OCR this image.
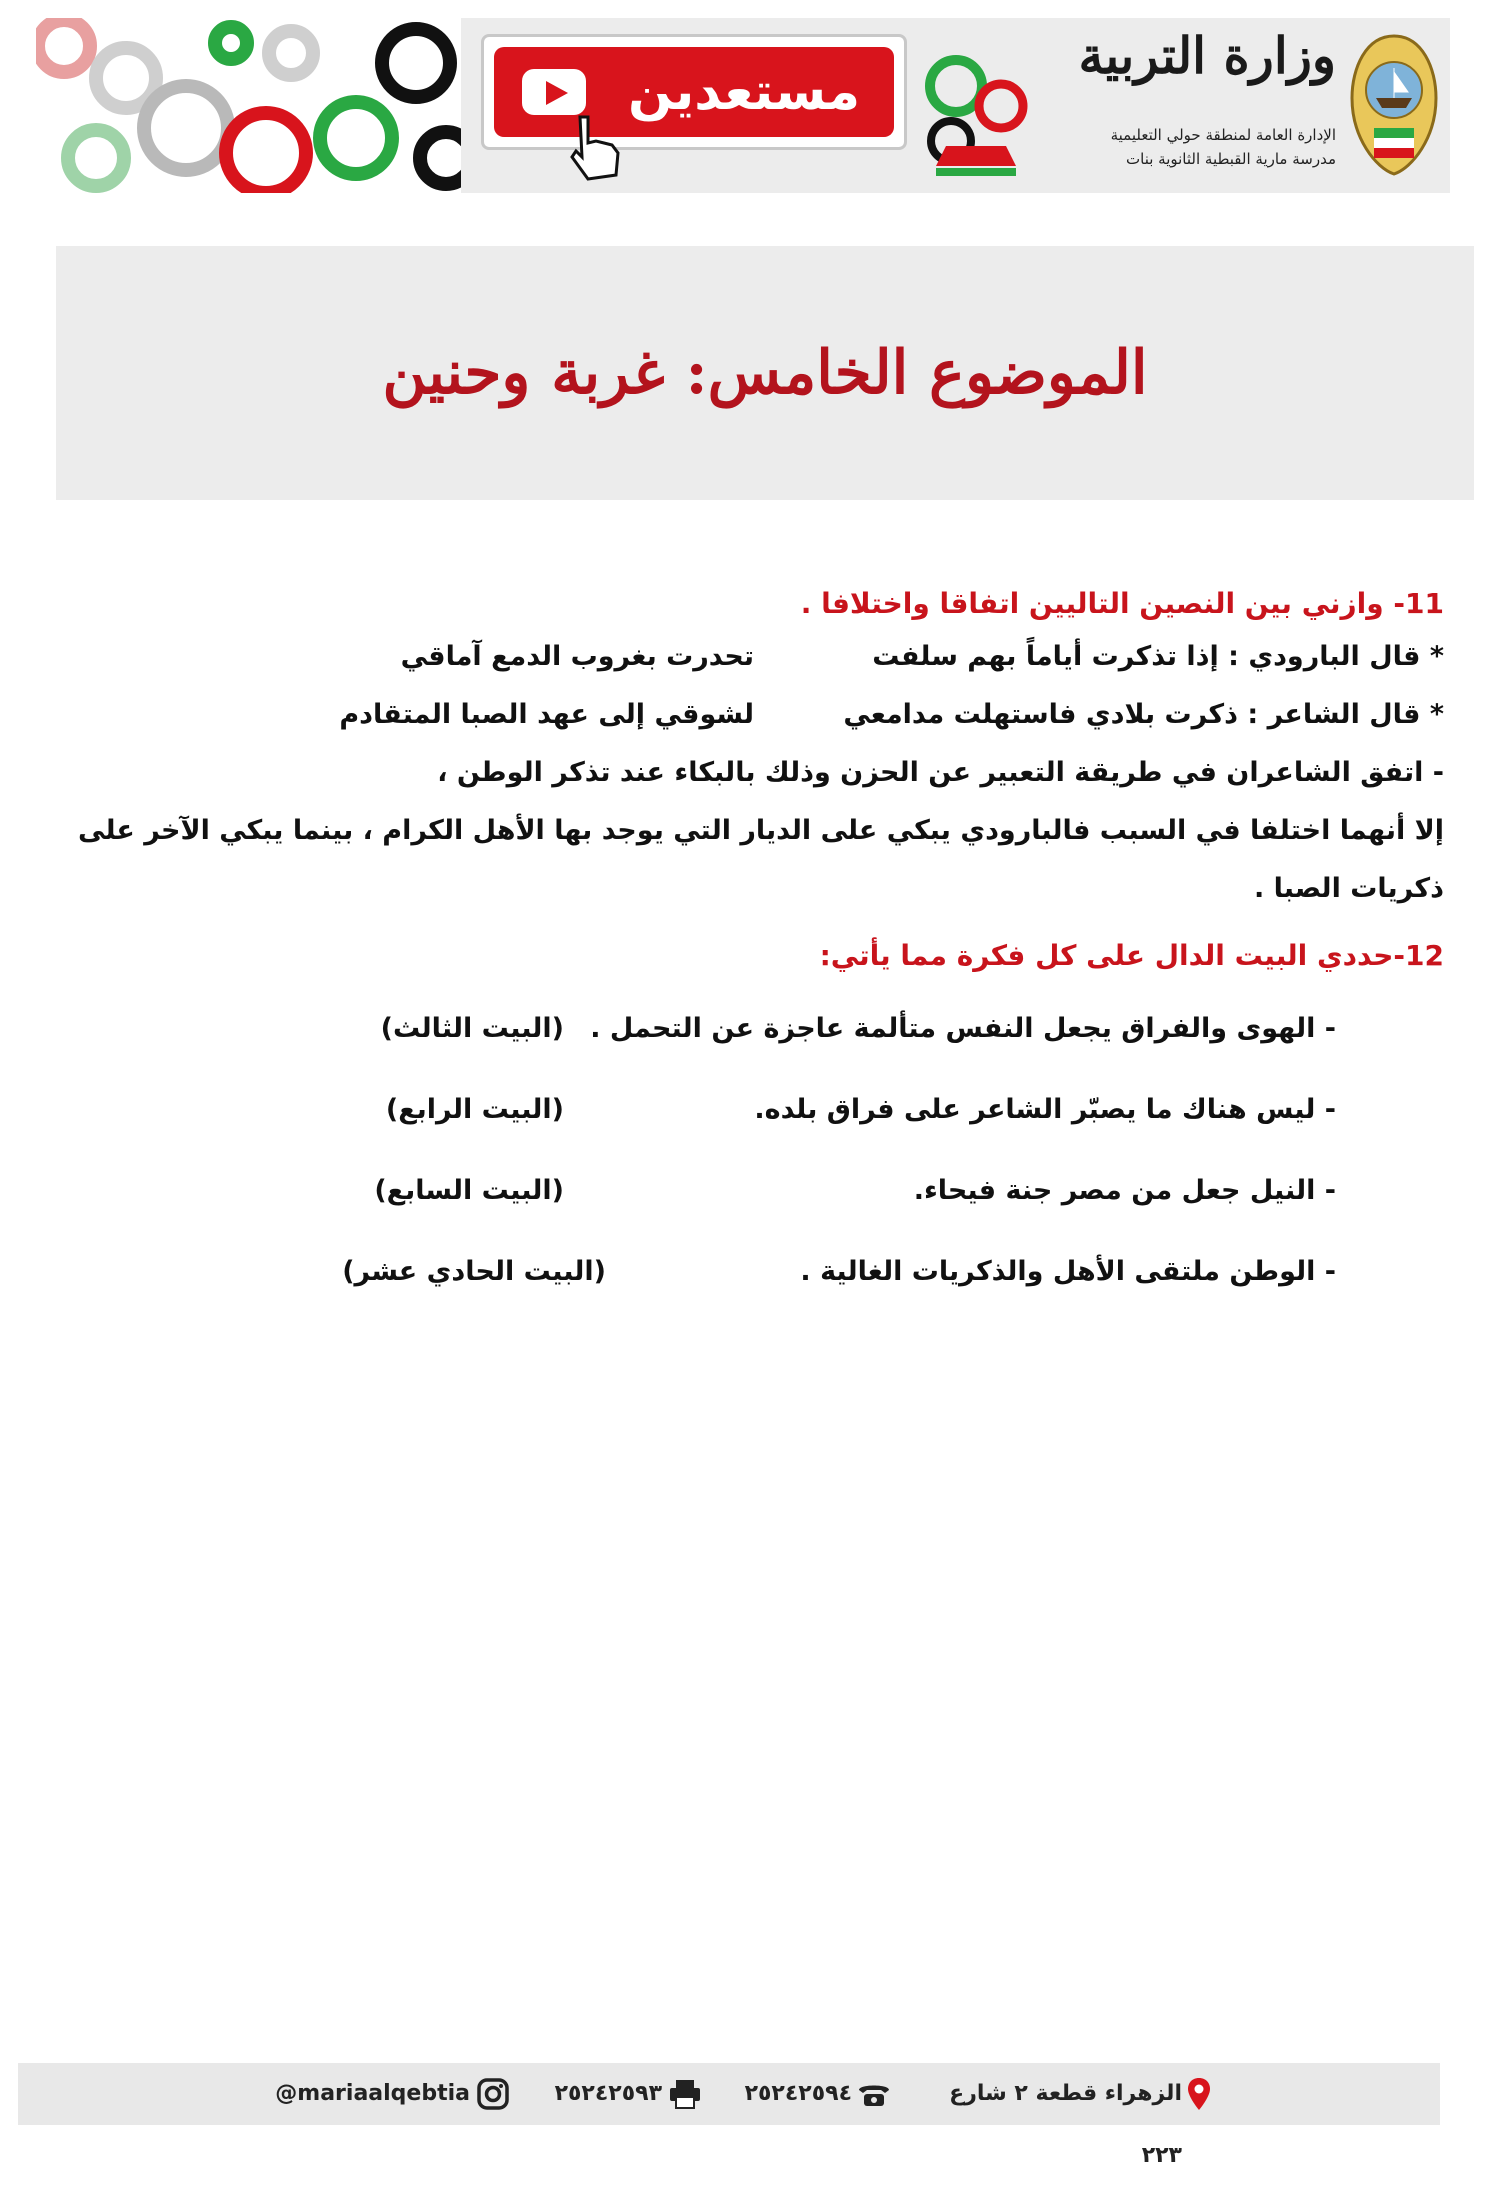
مستعدين
وزارة التربية
الإدارة العامة لمنطقة حولي التعليمية
مدرسة مارية القبطية الثانوية بنات
الموضوع الخامس: غربة وحنين

11- وازني بين النصين التاليين اتفاقا واختلافا .

* قال البارودي : إذا تذكرت أياماً بهم سلفت
تحدرت بغروب الدمع آماقي
* قال الشاعر : ذكرت بلادي فاستهلت مدامعي
لشوقي إلى عهد الصبا المتقادم
- اتفق الشاعران في طريقة التعبير عن الحزن وذلك بالبكاء عند تذكر الوطن ،
إلا أنهما اختلفا في السبب فالبارودي يبكي على الديار التي يوجد بها الأهل الكرام ، بينما يبكي الآخر على ذكريات الصبا .

12-حددي البيت الدال على كل فكرة مما يأتي:

- الهوى والفراق يجعل النفس متألمة عاجزة عن التحمل .
(البيت الثالث)
- ليس هناك ما يصبّر الشاعر على فراق بلده.
(البيت الرابع)
- النيل جعل من مصر جنة فيحاء.
(البيت السابع)
- الوطن ملتقى الأهل والذكريات الغالية .
(البيت الحادي عشر)
الزهراء قطعة ٢ شارع ٢٢٣
٢٥٢٤٢٥٩٤
٢٥٢٤٢٥٩٣
@mariaalqebtia
